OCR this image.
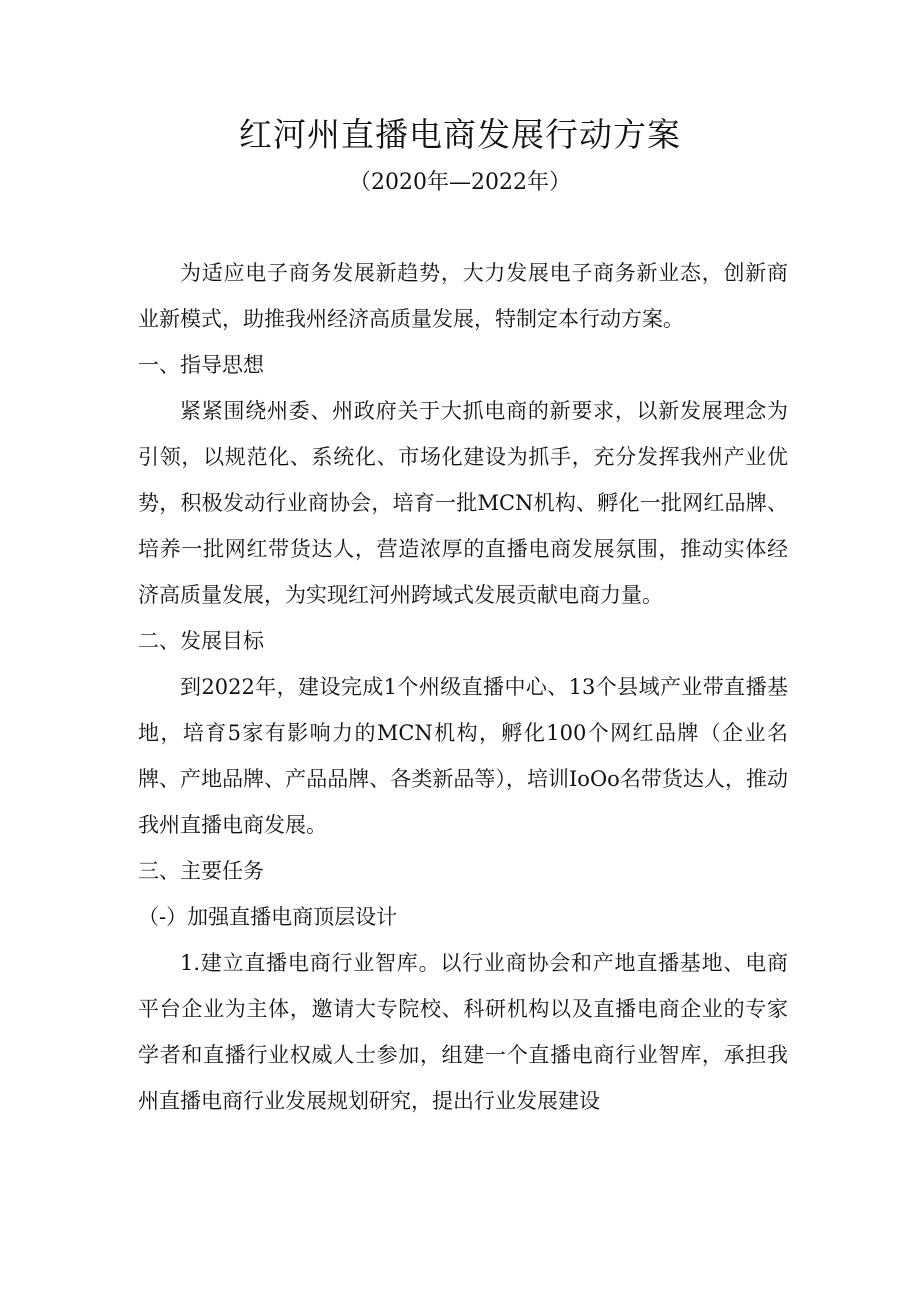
红河州直播电商发展行动方案
（2020年—2022年）

为适应电子商务发展新趋势，大力发展电子商务新业态，创新商业新模式，助推我州经济高质量发展，特制定本行动方案。

一、指导思想

紧紧围绕州委、州政府关于大抓电商的新要求，以新发展理念为引领，以规范化、系统化、市场化建设为抓手，充分发挥我州产业优势，积极发动行业商协会，培育一批MCN机构、孵化一批网红品牌、培养一批网红带货达人，营造浓厚的直播电商发展氛围，推动实体经济高质量发展，为实现红河州跨域式发展贡献电商力量。

二、发展目标

到2022年，建设完成1个州级直播中心、13个县域产业带直播基地，培育5家有影响力的MCN机构，孵化100个网红品牌（企业名牌、产地品牌、产品品牌、各类新品等），培训IoOo名带货达人，推动我州直播电商发展。

三、主要任务

（-）加强直播电商顶层设计

1.建立直播电商行业智库。以行业商协会和产地直播基地、电商平台企业为主体，邀请大专院校、科研机构以及直播电商企业的专家学者和直播行业权威人士参加，组建一个直播电商行业智库，承担我州直播电商行业发展规划研究，提出行业发展建设
